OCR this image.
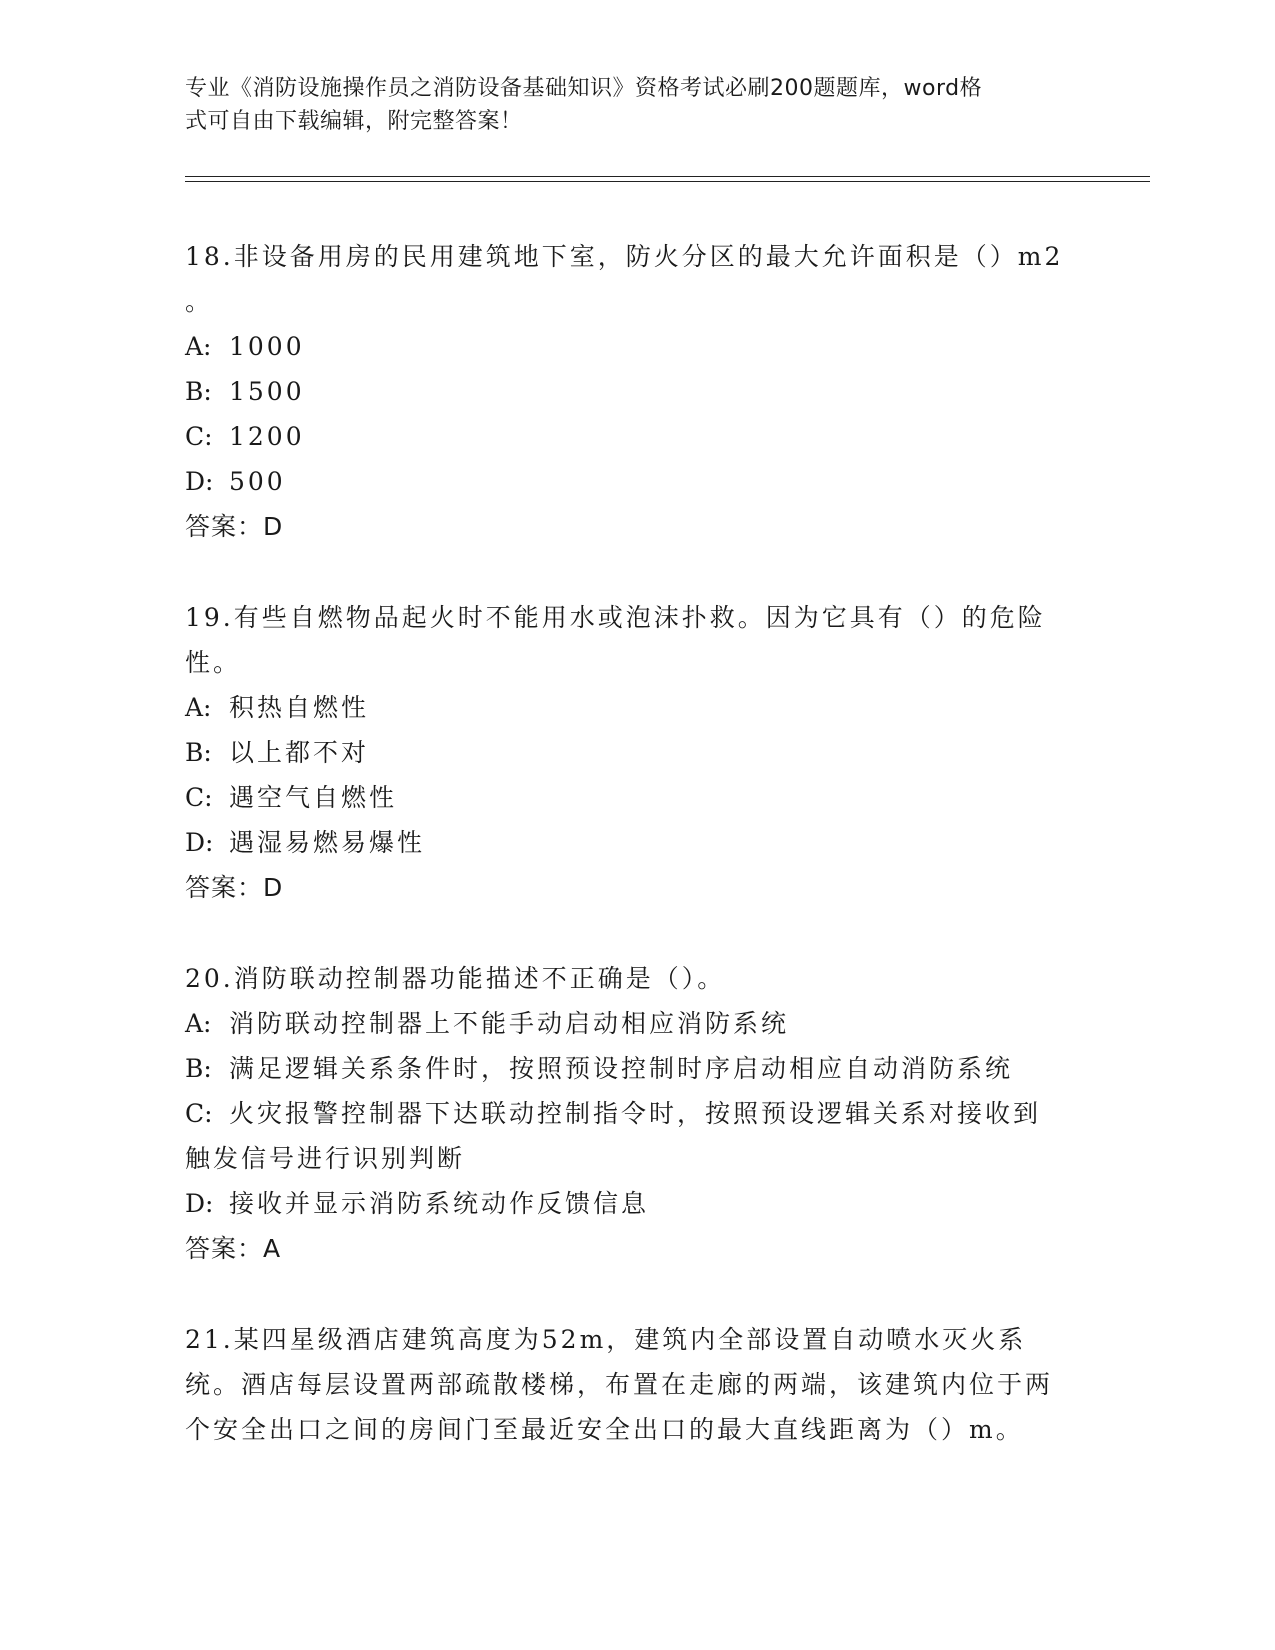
专业《消防设施操作员之消防设备基础知识》资格考试必刷200题题库，word格
式可自由下载编辑，附完整答案！

18.非设备用房的民用建筑地下室，防火分区的最大允许面积是（）m2 。

A: 1000

B: 1500

C: 1200

D: 500

答案：D

19.有些自燃物品起火时不能用水或泡沫扑救。因为它具有（）的危险性。

A: 积热自燃性

B: 以上都不对

C: 遇空气自燃性

D: 遇湿易燃易爆性

答案：D

20.消防联动控制器功能描述不正确是（）。

A: 消防联动控制器上不能手动启动相应消防系统

B: 满足逻辑关系条件时，按照预设控制时序启动相应自动消防系统

C: 火灾报警控制器下达联动控制指令时，按照预设逻辑关系对接收到触发信号进行识别判断

D: 接收并显示消防系统动作反馈信息

答案：A

21.某四星级酒店建筑高度为52m，建筑内全部设置自动喷水灭火系统。酒店每层设置两部疏散楼梯，布置在走廊的两端，该建筑内位于两个安全出口之间的房间门至最近安全出口的最大直线距离为（）m。
